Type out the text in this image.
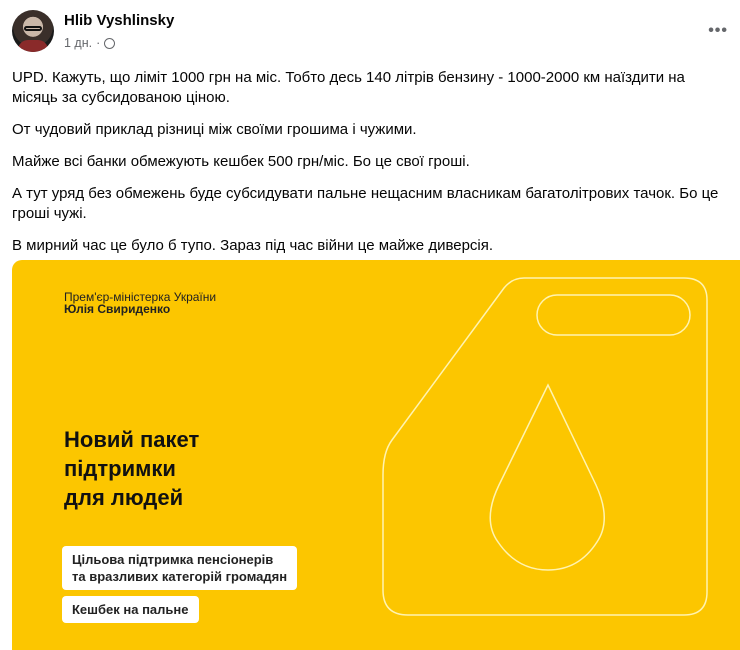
Hlib Vyshlinsky
1 дн. ·
•••

UPD. Кажуть, що ліміт 1000 грн на міс. Тобто десь 140 літрів бензину - 1000-2000 км наїздити на місяць за субсидованою ціною.

От чудовий приклад різниці між своїми грошима і чужими.

Майже всі банки обмежують кешбек 500 грн/міс. Бо це свої гроші.

А тут уряд без обмежень буде субсидувати пальне нещасним власникам багатолітрових тачок. Бо це гроші чужі.

В мирний час це було б тупо. Зараз під час війни це майже диверсія.

Прем'єр-міністерка України
Юлія Свириденко
Новий пакет
підтримки
для людей
Цільова підтримка пенсіонерів
та вразливих категорій громадян
Кешбек на пальне
